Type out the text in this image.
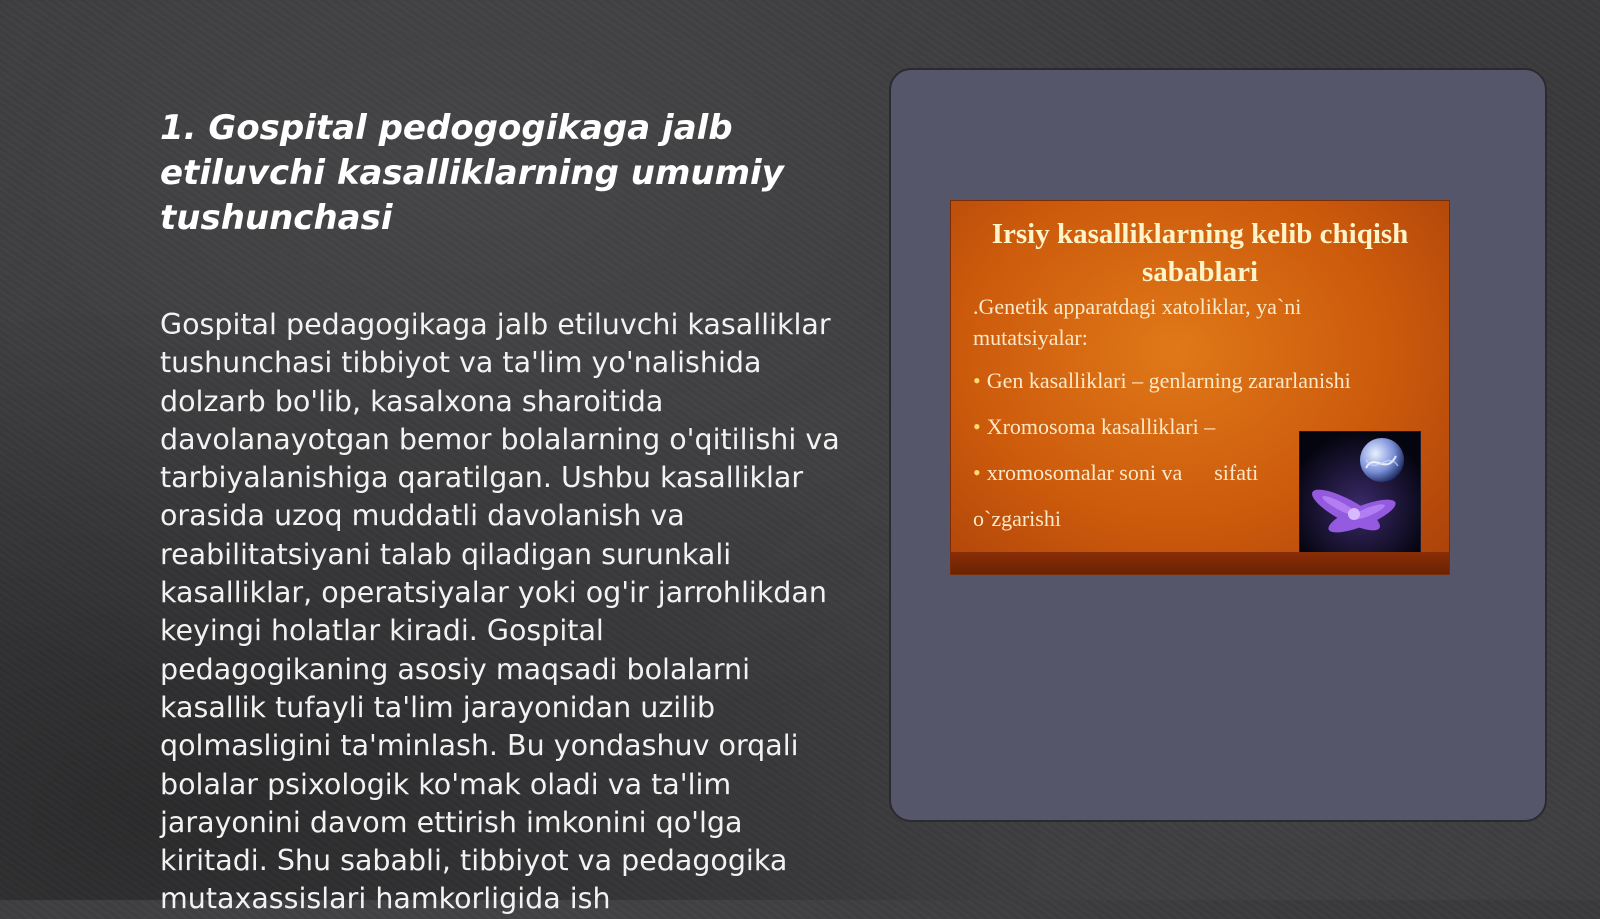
1. Gospital pedogogikaga jalb etiluvchi kasalliklarning umumiy tushunchasi

Gospital pedagogikaga jalb etiluvchi kasalliklar tushunchasi tibbiyot va ta'lim yo'nalishida dolzarb bo'lib, kasalxona sharoitida davolanayotgan bemor bolalarning o'qitilishi va tarbiyalanishiga qaratilgan. Ushbu kasalliklar orasida uzoq muddatli davolanish va reabilitatsiyani talab qiladigan surunkali kasalliklar, operatsiyalar yoki og'ir jarrohlikdan keyingi holatlar kiradi. Gospital pedagogikaning asosiy maqsadi bolalarni kasallik tufayli ta'lim jarayonidan uzilib qolmasligini ta'minlash. Bu yondashuv orqali bolalar psixologik ko'mak oladi va ta'lim jarayonini davom ettirish imkonini qo'lga kiritadi. Shu sababli, tibbiyot va pedagogika mutaxassislari hamkorligida ish

Irsiy kasalliklarning kelib chiqish sabablari

.Genetik apparatdagi xatoliklar, ya`ni mutatsiyalar:

• Gen kasalliklari – genlarning zararlanishi

• Xromosoma kasalliklari –

• xromosomalar soni va sifati

o`zgarishi
